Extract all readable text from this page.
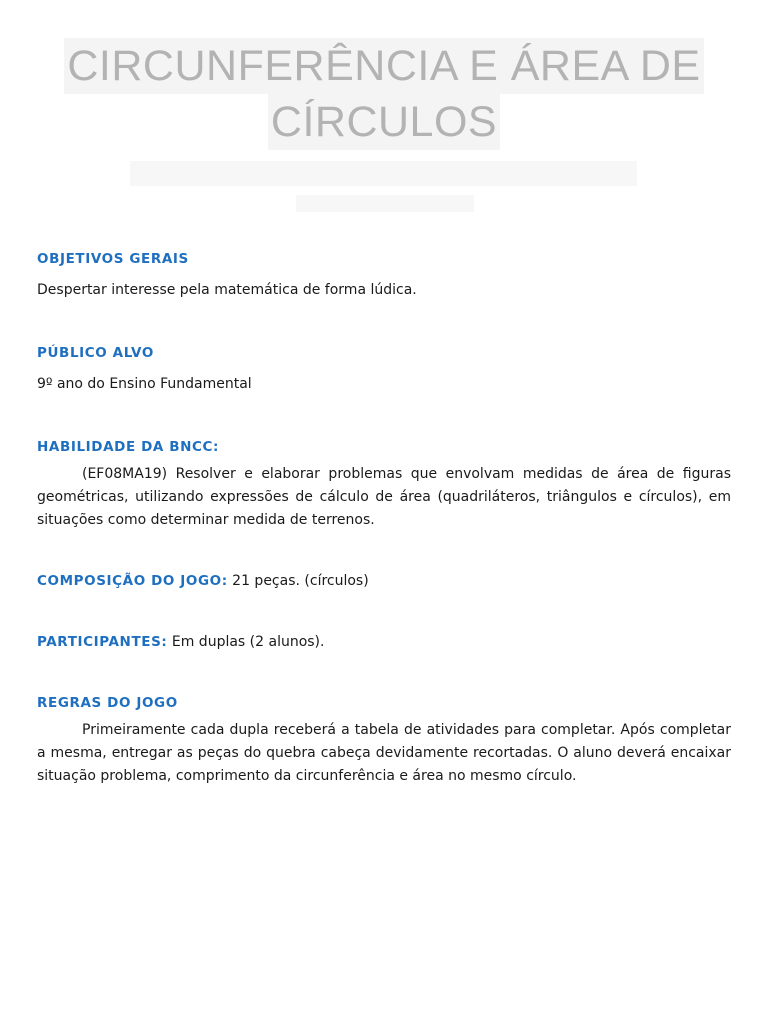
CIRCUNFERÊNCIA E ÁREA DE
CÍRCULOS

OBJETIVOS GERAIS

Despertar interesse pela matemática de forma lúdica.

PÚBLICO ALVO

9º ano do Ensino Fundamental

HABILIDADE DA BNCC:

(EF08MA19) Resolver e elaborar problemas que envolvam medidas de área de figuras geométricas, utilizando expressões de cálculo de área (quadriláteros, triângulos e círculos), em situações como determinar medida de terrenos.

COMPOSIÇÃO DO JOGO: 21 peças. (círculos)

PARTICIPANTES: Em duplas (2 alunos).

REGRAS DO JOGO

Primeiramente cada dupla receberá a tabela de atividades para completar. Após completar a mesma, entregar as peças do quebra cabeça devidamente recortadas. O aluno deverá encaixar situação problema, comprimento da circunferência e área no mesmo círculo.
